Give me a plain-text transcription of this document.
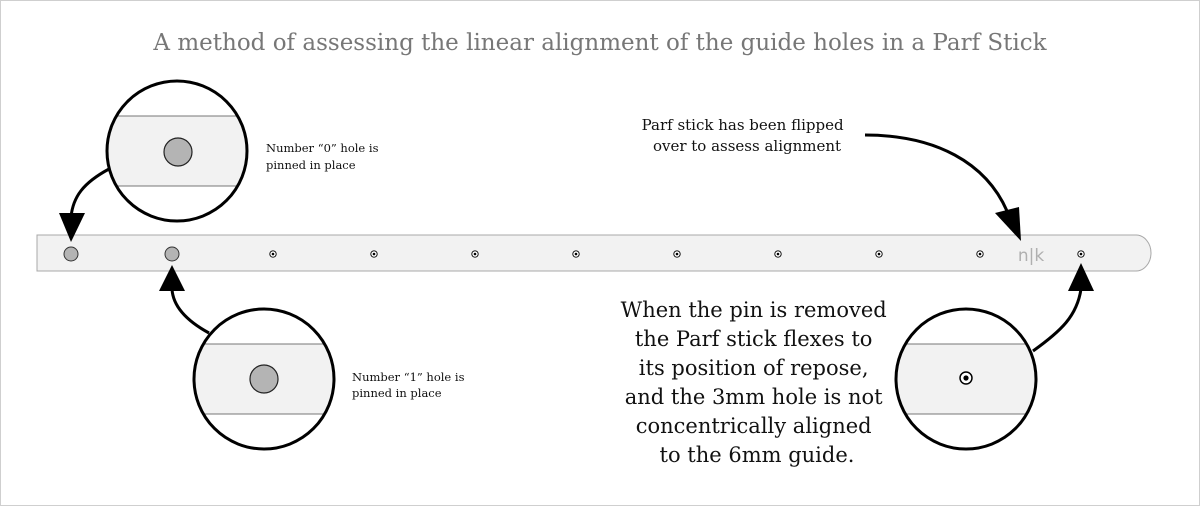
A method of assessing the linear alignment of the guide holes in a Parf Stick
n|k
Number “0” hole is pinned in place
Number “1” hole is pinned in place
Parf stick has been flipped over to assess alignment
When the pin is removed the Parf stick flexes to its position of repose, and the 3mm hole is not concentrically aligned to the 6mm guide.
